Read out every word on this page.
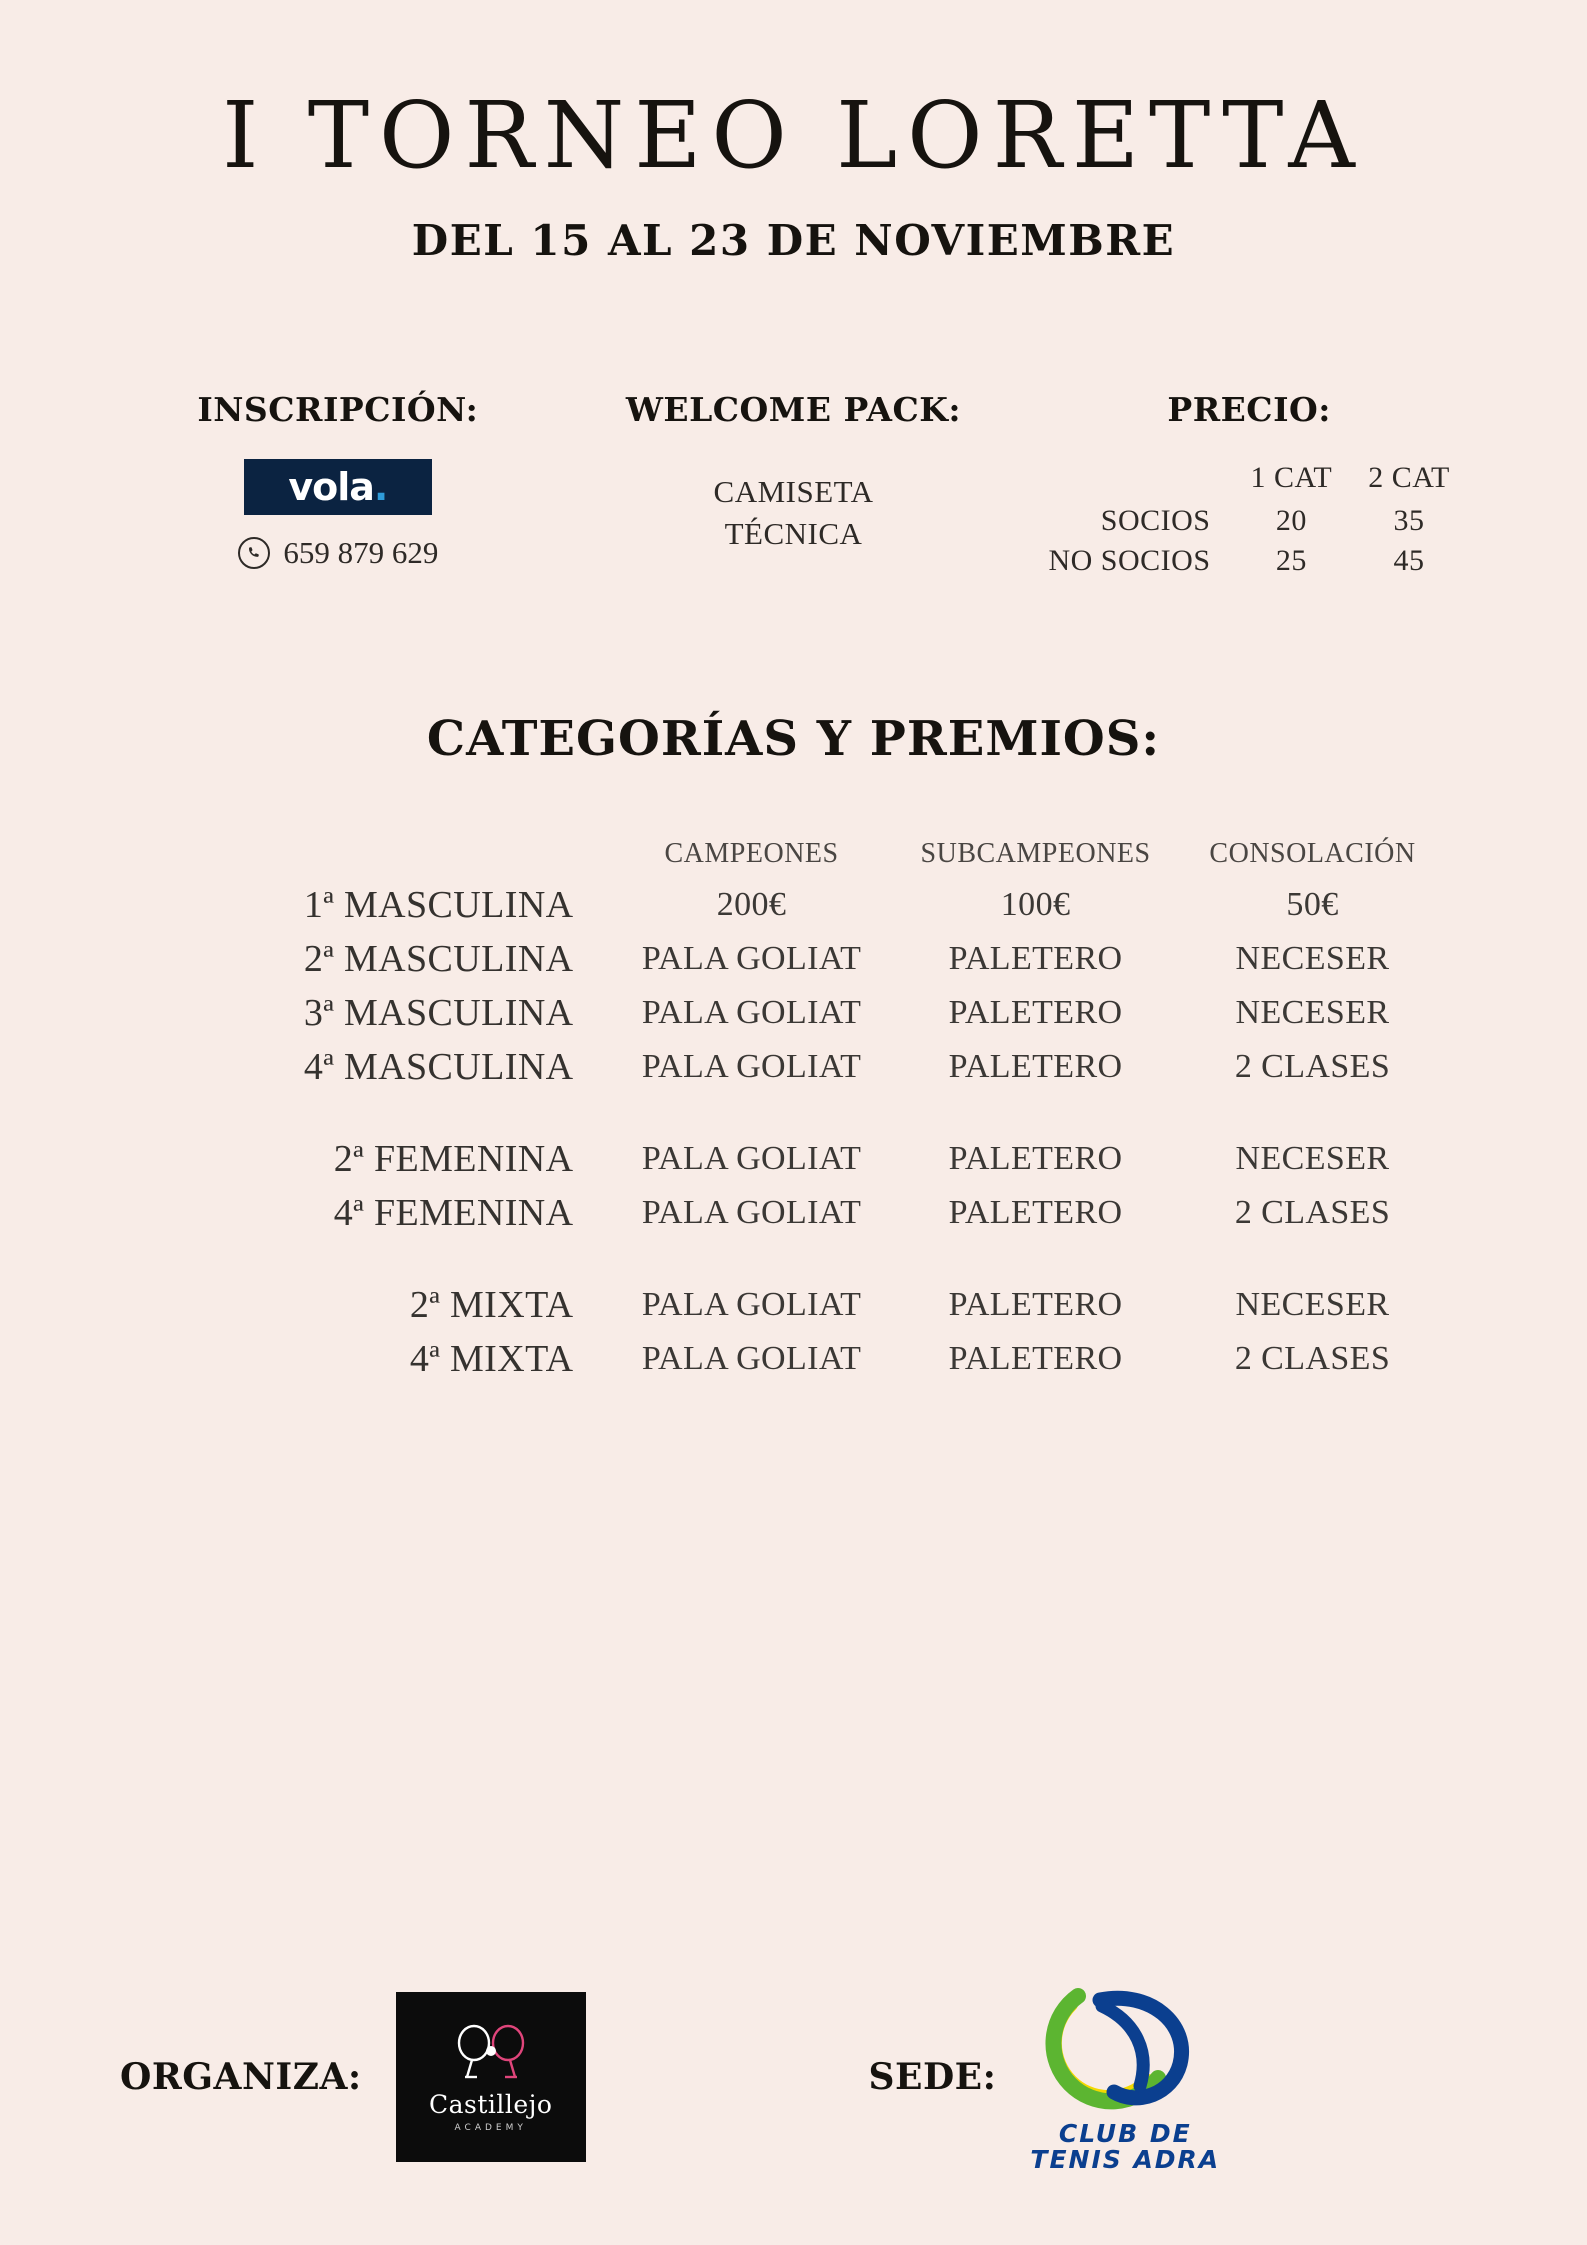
I TORNEO LORETTA
DEL 15 AL 23 DE NOVIEMBRE
INSCRIPCIÓN:
vola.
659 879 629
WELCOME PACK:
CAMISETA
TÉCNICA
PRECIO:
	1 CAT	2 CAT
SOCIOS	20	35
NO SOCIOS	25	45
CATEGORÍAS Y PREMIOS:
	CAMPEONES	SUBCAMPEONES	CONSOLACIÓN
1ª MASCULINA	200€	100€	50€
2ª MASCULINA	PALA GOLIAT	PALETERO	NECESER
3ª MASCULINA	PALA GOLIAT	PALETERO	NECESER
4ª MASCULINA	PALA GOLIAT	PALETERO	2 CLASES

2ª FEMENINA	PALA GOLIAT	PALETERO	NECESER
4ª FEMENINA	PALA GOLIAT	PALETERO	2 CLASES

2ª MIXTA	PALA GOLIAT	PALETERO	NECESER
4ª MIXTA	PALA GOLIAT	PALETERO	2 CLASES
ORGANIZA:
Castillejo
ACADEMY
SEDE:
CLUB DE
TENIS ADRA
